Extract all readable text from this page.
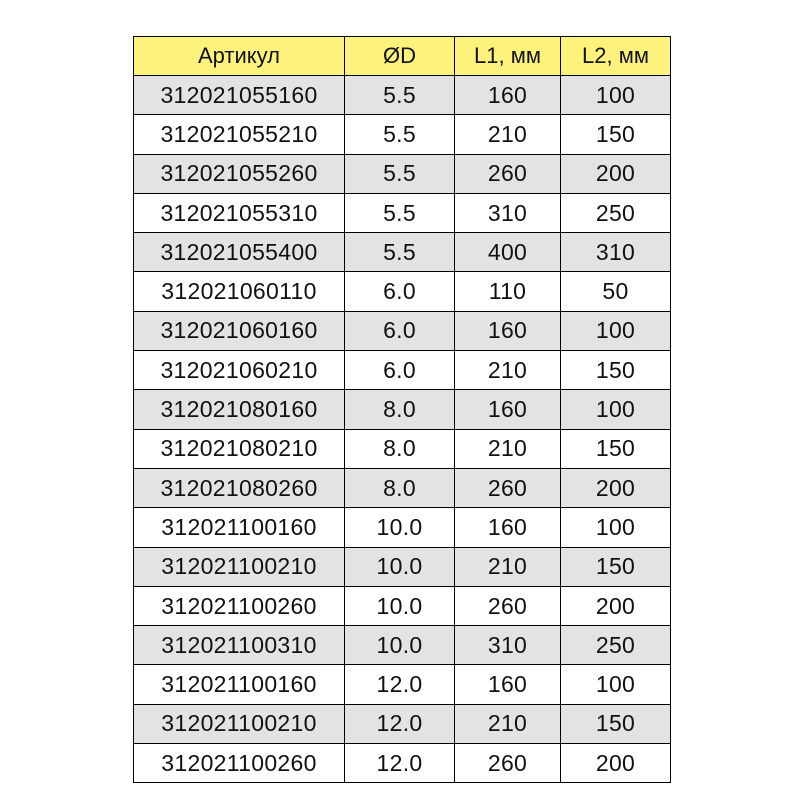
Артикул	ØD	L1, мм	L2, мм
312021055160	5.5	160	100
312021055210	5.5	210	150
312021055260	5.5	260	200
312021055310	5.5	310	250
312021055400	5.5	400	310
312021060110	6.0	110	50
312021060160	6.0	160	100
312021060210	6.0	210	150
312021080160	8.0	160	100
312021080210	8.0	210	150
312021080260	8.0	260	200
312021100160	10.0	160	100
312021100210	10.0	210	150
312021100260	10.0	260	200
312021100310	10.0	310	250
312021100160	12.0	160	100
312021100210	12.0	210	150
312021100260	12.0	260	200
